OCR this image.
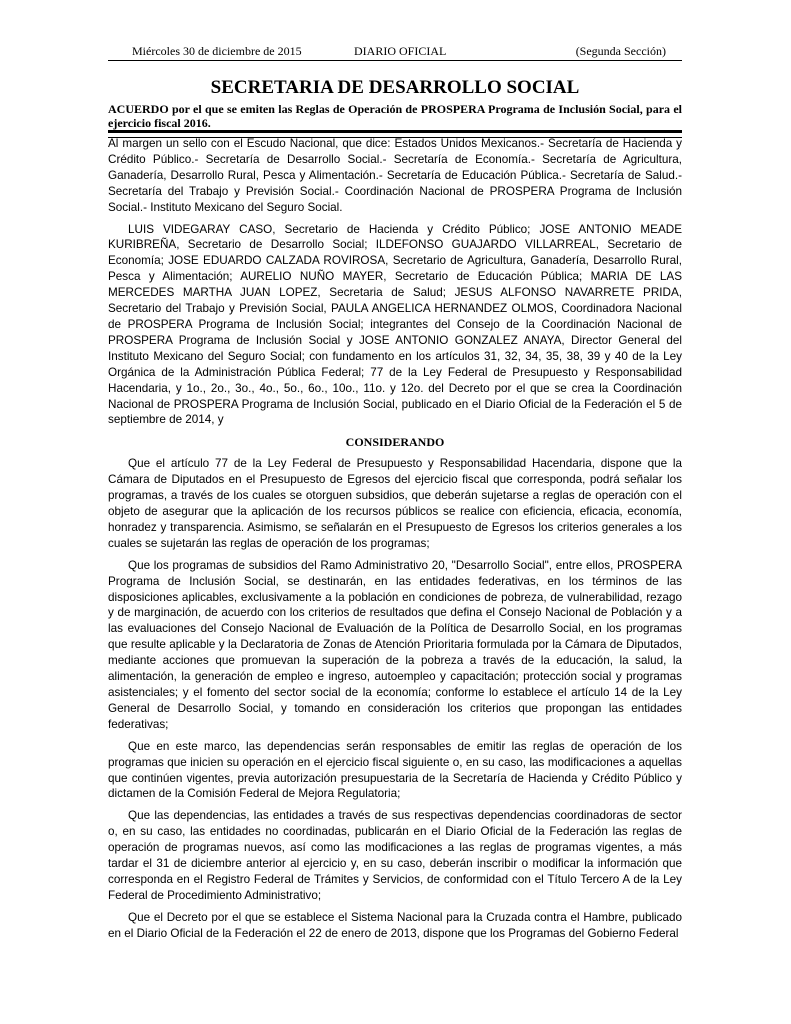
Miércoles 30 de diciembre de 2015	DIARIO OFICIAL	(Segunda Sección)
SECRETARIA DE DESARROLLO SOCIAL
ACUERDO por el que se emiten las Reglas de Operación de PROSPERA Programa de Inclusión Social, para el ejercicio fiscal 2016.

Al margen un sello con el Escudo Nacional, que dice: Estados Unidos Mexicanos.- Secretaría de Hacienda y Crédito Público.- Secretaría de Desarrollo Social.- Secretaría de Economía.- Secretaría de Agricultura, Ganadería, Desarrollo Rural, Pesca y Alimentación.- Secretaría de Educación Pública.- Secretaría de Salud.- Secretaría del Trabajo y Previsión Social.- Coordinación Nacional de PROSPERA Programa de Inclusión Social.- Instituto Mexicano del Seguro Social.

LUIS VIDEGARAY CASO, Secretario de Hacienda y Crédito Público; JOSE ANTONIO MEADE KURIBREÑA, Secretario de Desarrollo Social; ILDEFONSO GUAJARDO VILLARREAL, Secretario de Economía; JOSE EDUARDO CALZADA ROVIROSA, Secretario de Agricultura, Ganadería, Desarrollo Rural, Pesca y Alimentación; AURELIO NUÑO MAYER, Secretario de Educación Pública; MARIA DE LAS MERCEDES MARTHA JUAN LOPEZ, Secretaria de Salud; JESUS ALFONSO NAVARRETE PRIDA, Secretario del Trabajo y Previsión Social, PAULA ANGELICA HERNANDEZ OLMOS, Coordinadora Nacional de PROSPERA Programa de Inclusión Social; integrantes del Consejo de la Coordinación Nacional de PROSPERA Programa de Inclusión Social y JOSE ANTONIO GONZALEZ ANAYA, Director General del Instituto Mexicano del Seguro Social; con fundamento en los artículos 31, 32, 34, 35, 38, 39 y 40 de la Ley Orgánica de la Administración Pública Federal; 77 de la Ley Federal de Presupuesto y Responsabilidad Hacendaria, y 1o., 2o., 3o., 4o., 5o., 6o., 10o., 11o. y 12o. del Decreto por el que se crea la Coordinación Nacional de PROSPERA Programa de Inclusión Social, publicado en el Diario Oficial de la Federación el 5 de septiembre de 2014, y

CONSIDERANDO

Que el artículo 77 de la Ley Federal de Presupuesto y Responsabilidad Hacendaria, dispone que la Cámara de Diputados en el Presupuesto de Egresos del ejercicio fiscal que corresponda, podrá señalar los programas, a través de los cuales se otorguen subsidios, que deberán sujetarse a reglas de operación con el objeto de asegurar que la aplicación de los recursos públicos se realice con eficiencia, eficacia, economía, honradez y transparencia. Asimismo, se señalarán en el Presupuesto de Egresos los criterios generales a los cuales se sujetarán las reglas de operación de los programas;

Que los programas de subsidios del Ramo Administrativo 20, "Desarrollo Social", entre ellos, PROSPERA Programa de Inclusión Social, se destinarán, en las entidades federativas, en los términos de las disposiciones aplicables, exclusivamente a la población en condiciones de pobreza, de vulnerabilidad, rezago y de marginación, de acuerdo con los criterios de resultados que defina el Consejo Nacional de Población y a las evaluaciones del Consejo Nacional de Evaluación de la Política de Desarrollo Social, en los programas que resulte aplicable y la Declaratoria de Zonas de Atención Prioritaria formulada por la Cámara de Diputados, mediante acciones que promuevan la superación de la pobreza a través de la educación, la salud, la alimentación, la generación de empleo e ingreso, autoempleo y capacitación; protección social y programas asistenciales; y el fomento del sector social de la economía; conforme lo establece el artículo 14 de la Ley General de Desarrollo Social, y tomando en consideración los criterios que propongan las entidades federativas;

Que en este marco, las dependencias serán responsables de emitir las reglas de operación de los programas que inicien su operación en el ejercicio fiscal siguiente o, en su caso, las modificaciones a aquellas que continúen vigentes, previa autorización presupuestaria de la Secretaría de Hacienda y Crédito Público y dictamen de la Comisión Federal de Mejora Regulatoria;

Que las dependencias, las entidades a través de sus respectivas dependencias coordinadoras de sector o, en su caso, las entidades no coordinadas, publicarán en el Diario Oficial de la Federación las reglas de operación de programas nuevos, así como las modificaciones a las reglas de programas vigentes, a más tardar el 31 de diciembre anterior al ejercicio y, en su caso, deberán inscribir o modificar la información que corresponda en el Registro Federal de Trámites y Servicios, de conformidad con el Título Tercero A de la Ley Federal de Procedimiento Administrativo;

Que el Decreto por el que se establece el Sistema Nacional para la Cruzada contra el Hambre, publicado en el Diario Oficial de la Federación el 22 de enero de 2013, dispone que los Programas del Gobierno Federal
